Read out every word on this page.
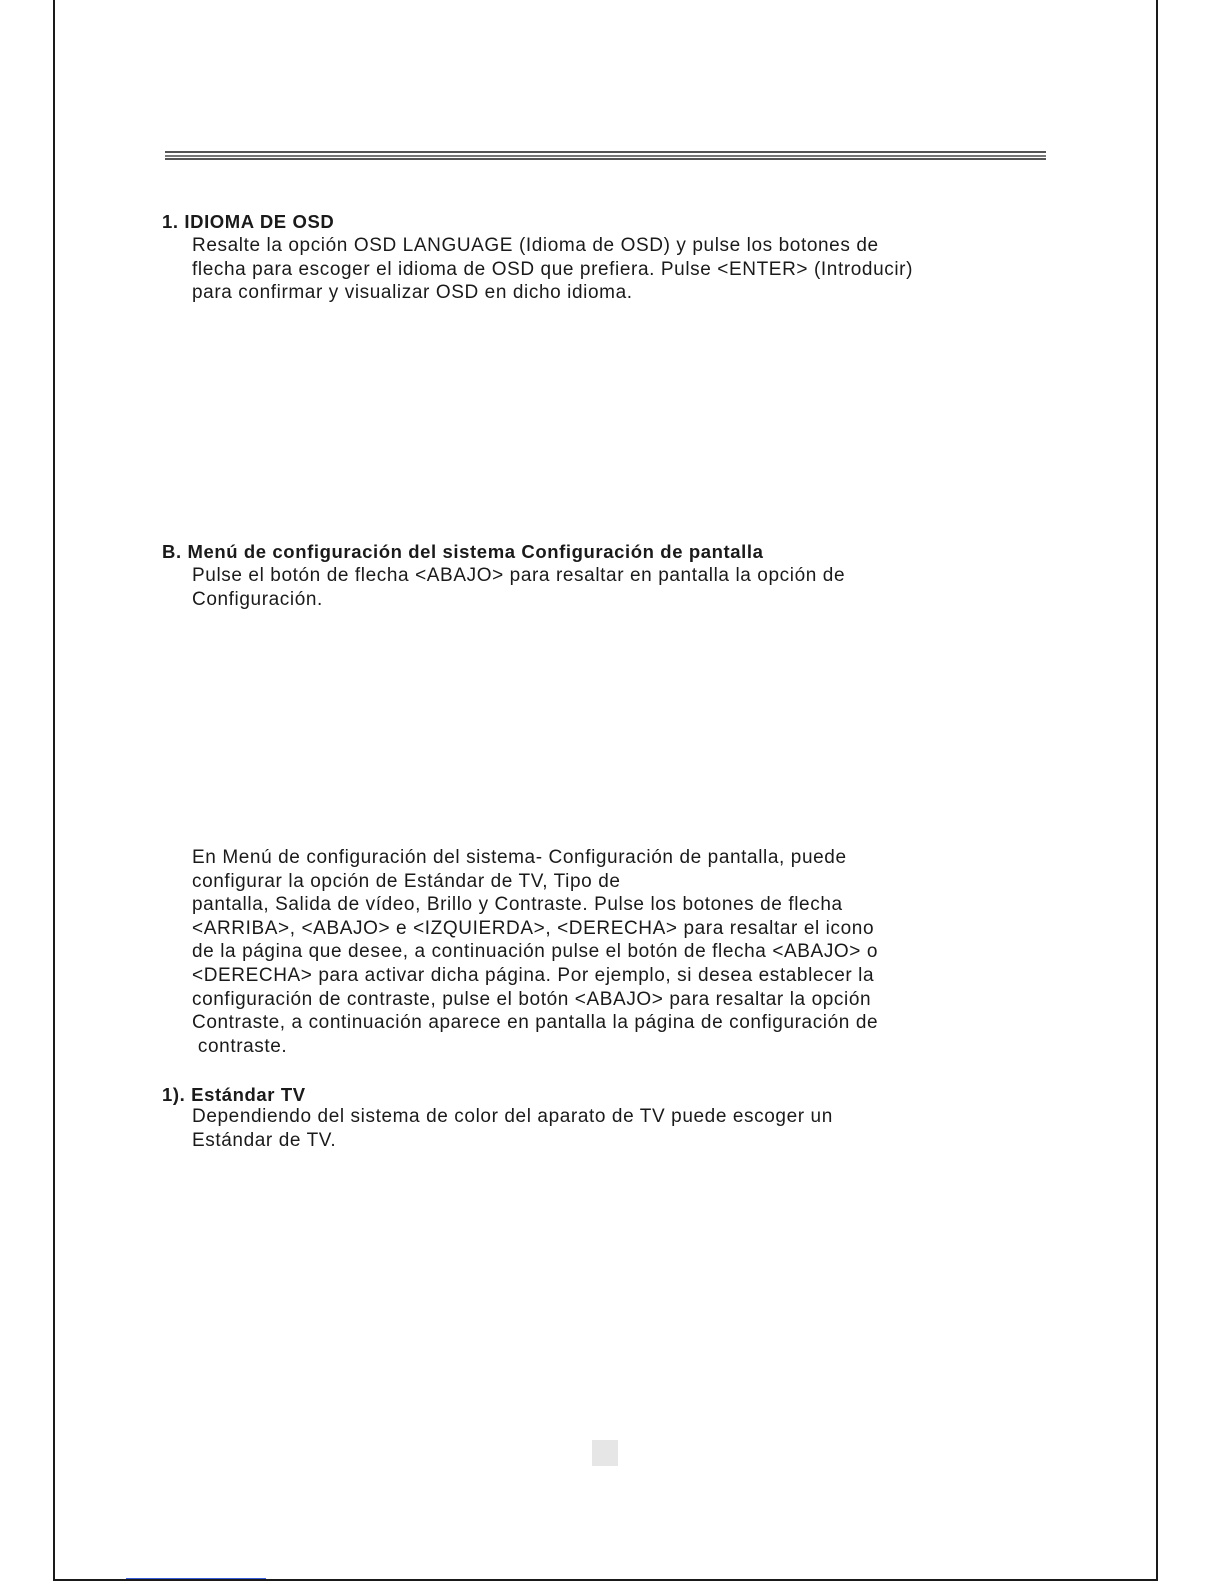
1. IDIOMA DE OSD

Resalte la opción OSD LANGUAGE (Idioma de OSD) y pulse los botones de
flecha para escoger el idioma de OSD que prefiera. Pulse <ENTER> (Introducir)
para confirmar y visualizar OSD en dicho idioma.

B. Menú de configuración del sistema Configuración de pantalla

Pulse el botón de flecha <ABAJO> para resaltar en pantalla la opción de
Configuración.

En Menú de configuración del sistema- Configuración de pantalla, puede
configurar la opción de Estándar de TV, Tipo de
pantalla, Salida de vídeo, Brillo y Contraste. Pulse los botones de flecha
<ARRIBA>, <ABAJO> e <IZQUIERDA>, <DERECHA> para resaltar el icono
de la página que desee, a continuación pulse el botón de flecha <ABAJO> o
<DERECHA> para activar dicha página. Por ejemplo, si desea establecer la
configuración de contraste, pulse el botón <ABAJO> para resaltar la opción
Contraste, a continuación aparece en pantalla la página de configuración de
contraste.

1). Estándar TV

Dependiendo del sistema de color del aparato de TV puede escoger un
Estándar de TV.
